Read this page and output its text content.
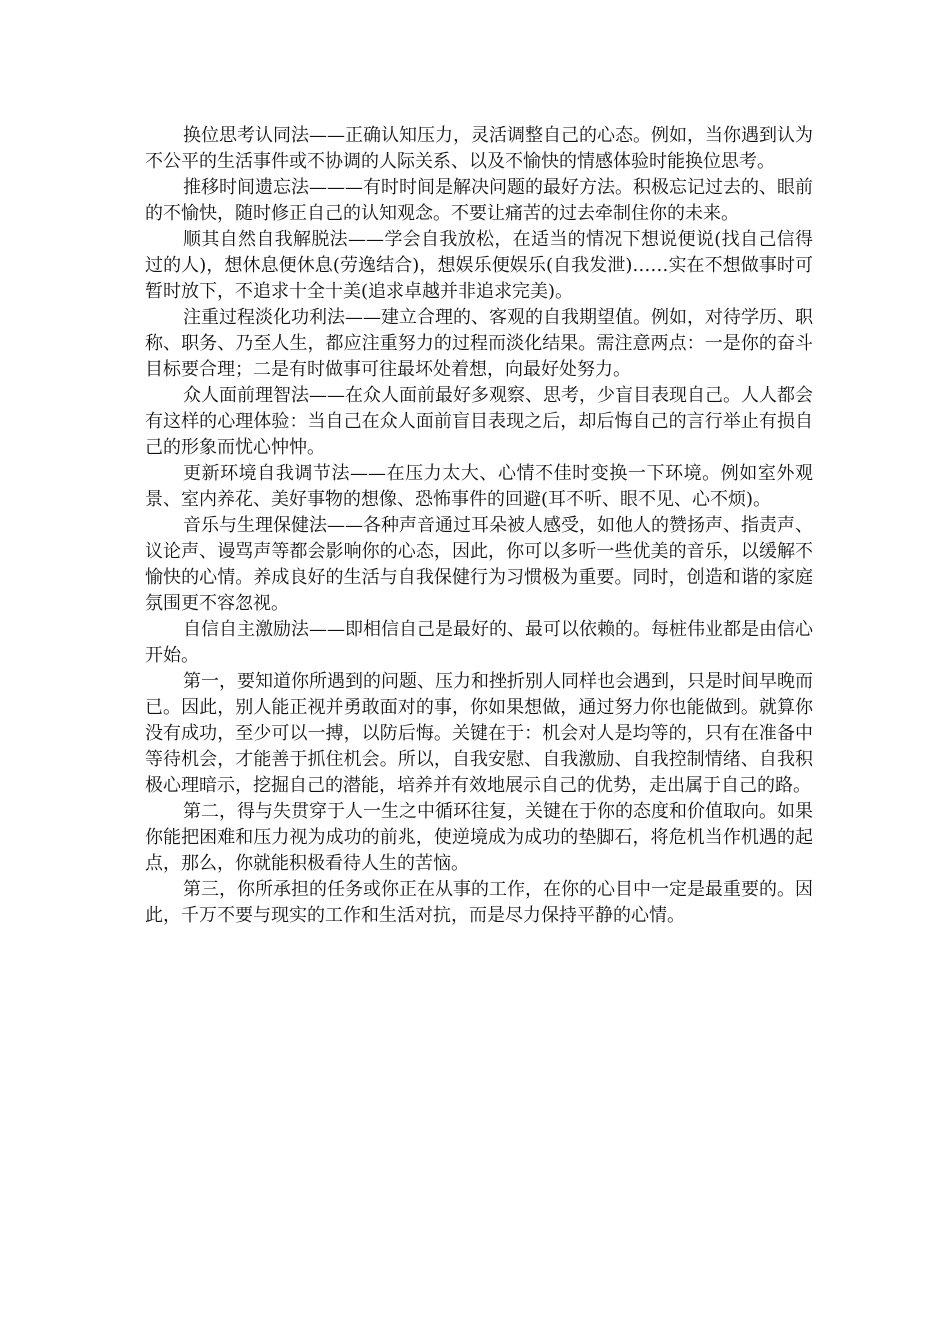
换位思考认同法——正确认知压力，灵活调整自己的心态。例如，当你遇到认为不公平的生活事件或不协调的人际关系、以及不愉快的情感体验时能换位思考。

推移时间遗忘法———有时时间是解决问题的最好方法。积极忘记过去的、眼前的不愉快，随时修正自己的认知观念。不要让痛苦的过去牵制住你的未来。

顺其自然自我解脱法——学会自我放松，在适当的情况下想说便说(找自己信得过的人)，想休息便休息(劳逸结合)，想娱乐便娱乐(自我发泄)……实在不想做事时可暂时放下，不追求十全十美(追求卓越并非追求完美)。

注重过程淡化功利法——建立合理的、客观的自我期望值。例如，对待学历、职称、职务、乃至人生，都应注重努力的过程而淡化结果。需注意两点：一是你的奋斗目标要合理；二是有时做事可往最坏处着想，向最好处努力。

众人面前理智法——在众人面前最好多观察、思考，少盲目表现自己。人人都会有这样的心理体验：当自己在众人面前盲目表现之后，却后悔自己的言行举止有损自己的形象而忧心忡忡。

更新环境自我调节法——在压力太大、心情不佳时变换一下环境。例如室外观景、室内养花、美好事物的想像、恐怖事件的回避(耳不听、眼不见、心不烦)。

音乐与生理保健法——各种声音通过耳朵被人感受，如他人的赞扬声、指责声、议论声、谩骂声等都会影响你的心态，因此，你可以多听一些优美的音乐，以缓解不愉快的心情。养成良好的生活与自我保健行为习惯极为重要。同时，创造和谐的家庭氛围更不容忽视。

自信自主激励法——即相信自己是最好的、最可以依赖的。每桩伟业都是由信心开始。

第一，要知道你所遇到的问题、压力和挫折别人同样也会遇到，只是时间早晚而已。因此，别人能正视并勇敢面对的事，你如果想做，通过努力你也能做到。就算你没有成功，至少可以一搏，以防后悔。关键在于：机会对人是均等的，只有在准备中等待机会，才能善于抓住机会。所以，自我安慰、自我激励、自我控制情绪、自我积极心理暗示，挖掘自己的潜能，培养并有效地展示自己的优势，走出属于自己的路。

第二，得与失贯穿于人一生之中循环往复，关键在于你的态度和价值取向。如果你能把困难和压力视为成功的前兆，使逆境成为成功的垫脚石，将危机当作机遇的起点，那么，你就能积极看待人生的苦恼。

第三，你所承担的任务或你正在从事的工作，在你的心目中一定是最重要的。因此，千万不要与现实的工作和生活对抗，而是尽力保持平静的心情。
